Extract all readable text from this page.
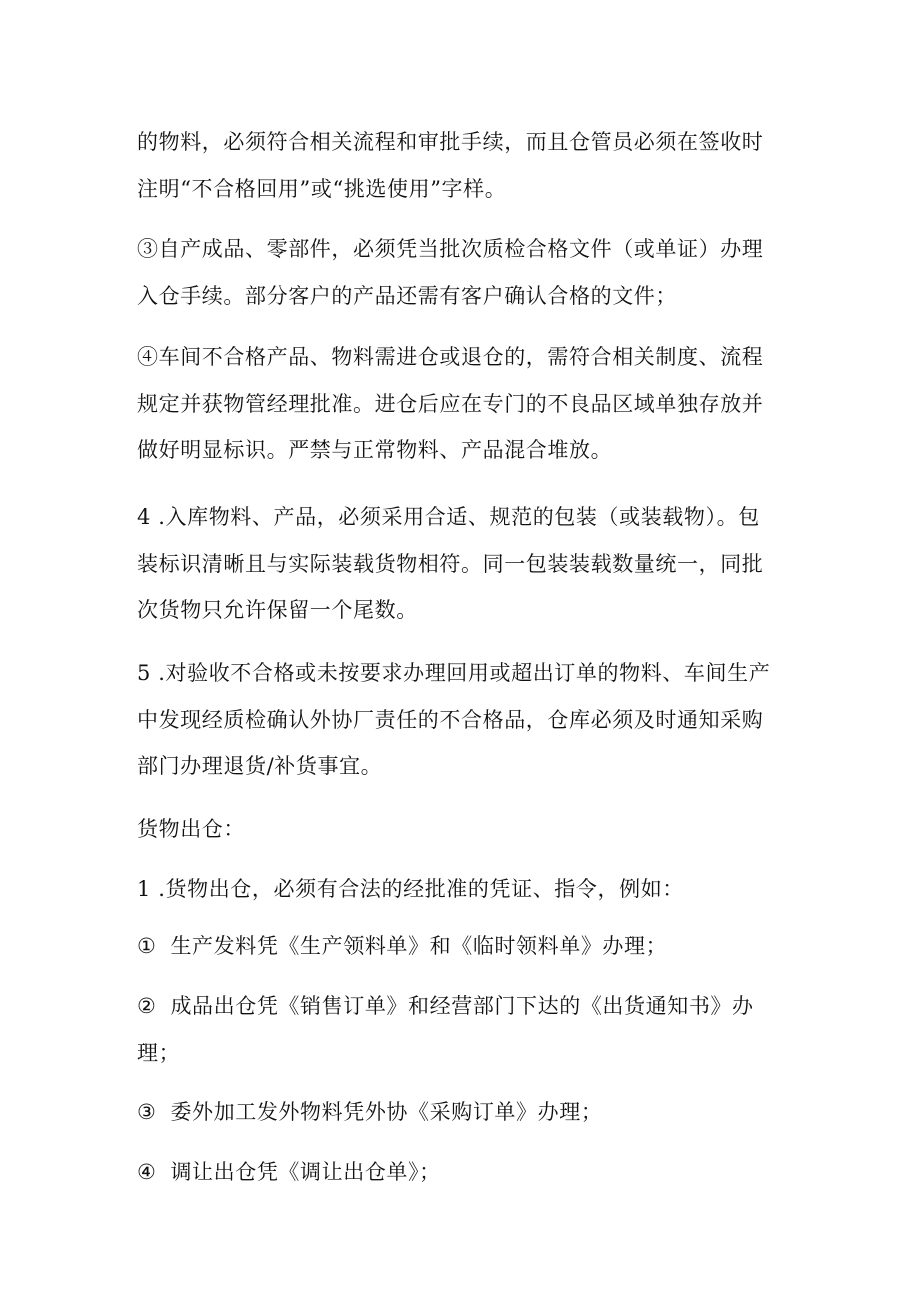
的物料，必须符合相关流程和审批手续，而且仓管员必须在签收时
注明“不合格回用”或“挑选使用”字样。

③自产成品、零部件，必须凭当批次质检合格文件（或单证）办理
入仓手续。部分客户的产品还需有客户确认合格的文件；

④车间不合格产品、物料需进仓或退仓的，需符合相关制度、流程
规定并获物管经理批准。进仓后应在专门的不良品区域单独存放并
做好明显标识。严禁与正常物料、产品混合堆放。

4 .入库物料、产品，必须采用合适、规范的包装（或装载物）。包
装标识清晰且与实际装载货物相符。同一包装装载数量统一，同批
次货物只允许保留一个尾数。

5 .对验收不合格或未按要求办理回用或超出订单的物料、车间生产
中发现经质检确认外协厂责任的不合格品，仓库必须及时通知采购
部门办理退货/补货事宜。

货物出仓：

1 .货物出仓，必须有合法的经批准的凭证、指令，例如：

① 生产发料凭《生产领料单》和《临时领料单》办理；

② 成品出仓凭《销售订单》和经营部门下达的《出货通知书》办
理；

③ 委外加工发外物料凭外协《采购订单》办理；

④ 调让出仓凭《调让出仓单》；
